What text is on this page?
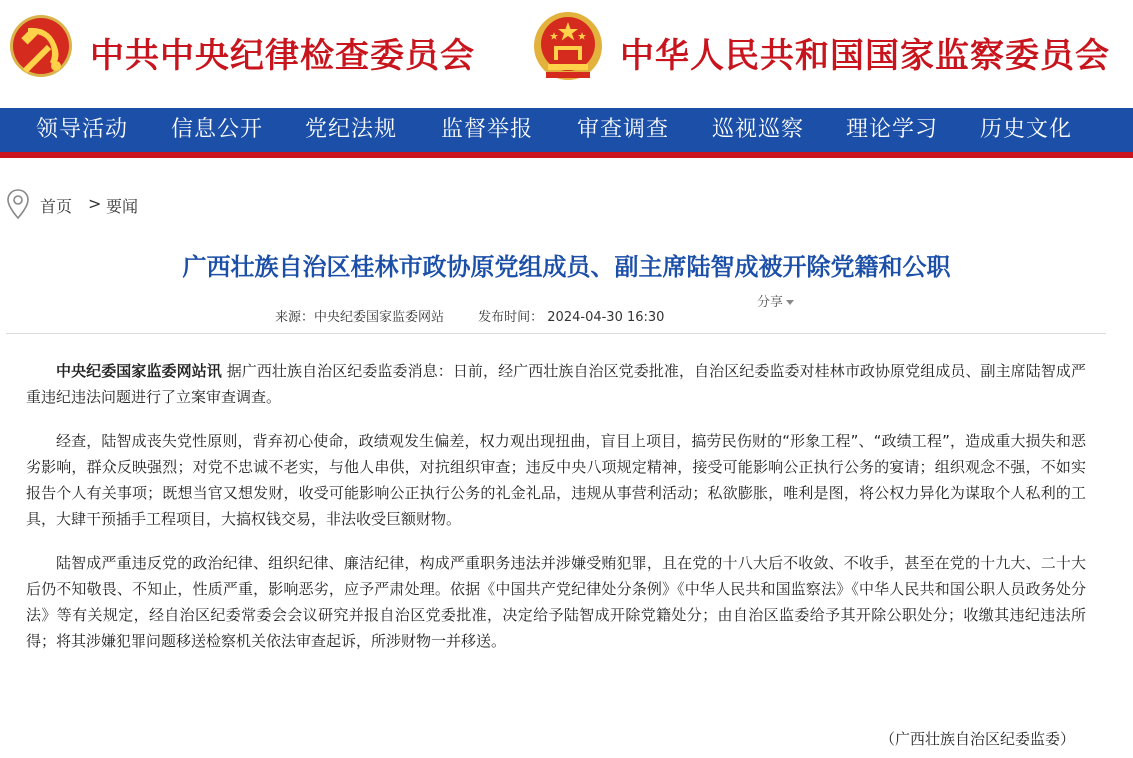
中共中央纪律检查委员会	中华人民共和国国家监察委员会
领导活动 信息公开 党纪法规 监督举报 审查调查 巡视巡察 理论学习 历史文化
首页 > 要闻
广西壮族自治区桂林市政协原党组成员、副主席陆智成被开除党籍和公职
分享
来源：中央纪委国家监委网站	发布时间： 2024-04-30 16:30

中央纪委国家监委网站讯 据广西壮族自治区纪委监委消息：日前，经广西壮族自治区党委批准，自治区纪委监委对桂林市政协原党组成员、副主席陆智成严重违纪违法问题进行了立案审查调查。

经查，陆智成丧失党性原则，背弃初心使命，政绩观发生偏差，权力观出现扭曲，盲目上项目，搞劳民伤财的“形象工程”、“政绩工程”，造成重大损失和恶劣影响，群众反映强烈；对党不忠诚不老实，与他人串供，对抗组织审查；违反中央八项规定精神，接受可能影响公正执行公务的宴请；组织观念不强，不如实报告个人有关事项；既想当官又想发财，收受可能影响公正执行公务的礼金礼品，违规从事营利活动；私欲膨胀，唯利是图，将公权力异化为谋取个人私利的工具，大肆干预插手工程项目，大搞权钱交易，非法收受巨额财物。

陆智成严重违反党的政治纪律、组织纪律、廉洁纪律，构成严重职务违法并涉嫌受贿犯罪，且在党的十八大后不收敛、不收手，甚至在党的十九大、二十大后仍不知敬畏、不知止，性质严重，影响恶劣，应予严肃处理。依据《中国共产党纪律处分条例》《中华人民共和国监察法》《中华人民共和国公职人员政务处分法》等有关规定，经自治区纪委常委会会议研究并报自治区党委批准，决定给予陆智成开除党籍处分；由自治区监委给予其开除公职处分；收缴其违纪违法所得；将其涉嫌犯罪问题移送检察机关依法审查起诉，所涉财物一并移送。

（广西壮族自治区纪委监委）
